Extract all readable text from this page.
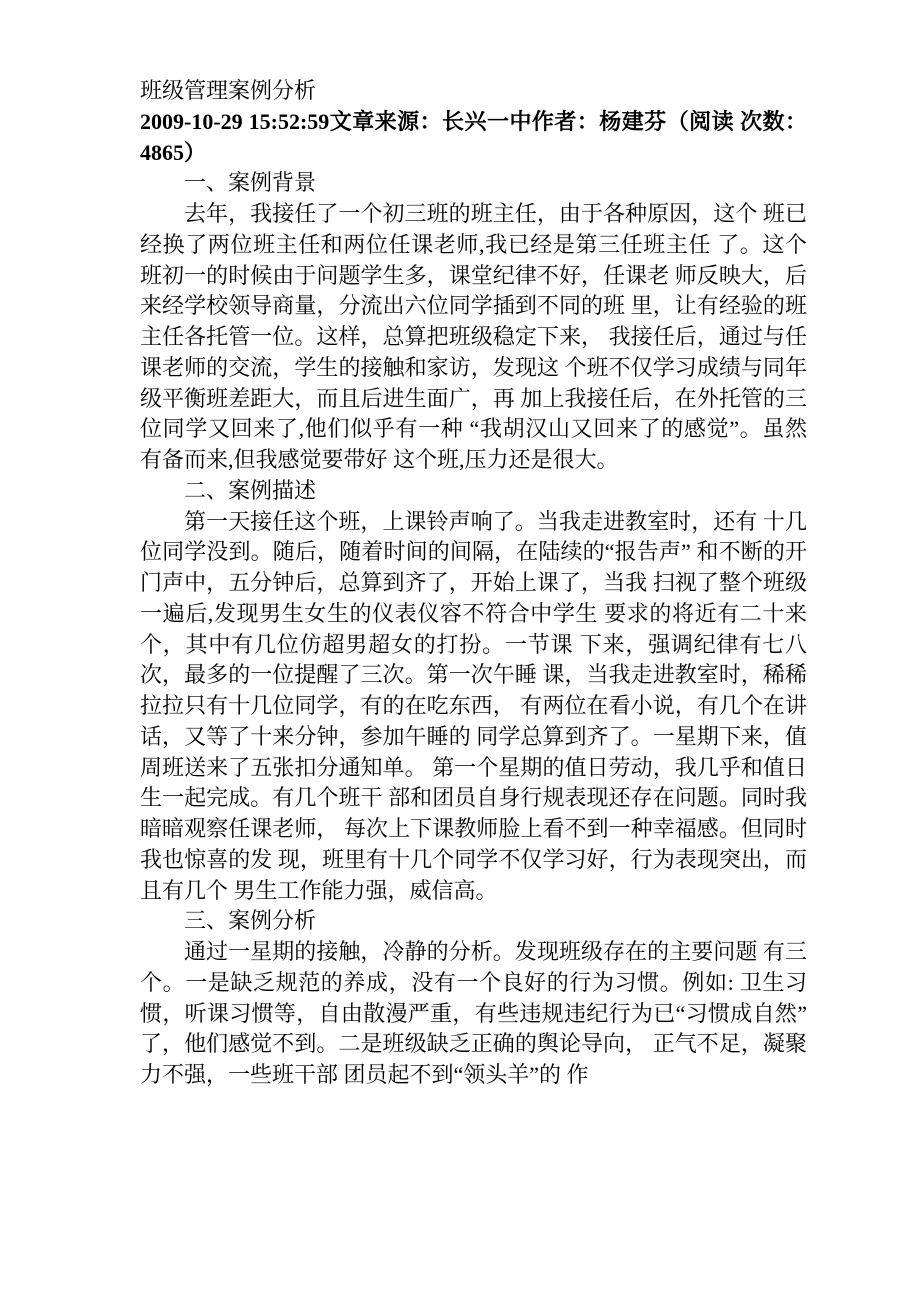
班级管理案例分析

2009-10-29 15:52:59文章来源：长兴一中作者：杨建芬（阅读 次数：4865）

一、案例背景

去年，我接任了一个初三班的班主任，由于各种原因，这个 班已经换了两位班主任和两位任课老师,我已经是第三任班主任 了。这个班初一的时候由于问题学生多，课堂纪律不好，任课老 师反映大，后来经学校领导商量，分流出六位同学插到不同的班 里，让有经验的班主任各托管一位。这样，总算把班级稳定下来， 我接任后，通过与任课老师的交流，学生的接触和家访，发现这 个班不仅学习成绩与同年级平衡班差距大，而且后进生面广，再 加上我接任后，在外托管的三位同学又回来了,他们似乎有一种 “我胡汉山又回来了的感觉”。虽然有备而来,但我感觉要带好 这个班,压力还是很大。

二、案例描述

第一天接任这个班，上课铃声响了。当我走进教室时，还有 十几位同学没到。随后，随着时间的间隔，在陆续的“报告声” 和不断的开门声中，五分钟后，总算到齐了，开始上课了，当我 扫视了整个班级一遍后,发现男生女生的仪表仪容不符合中学生 要求的将近有二十来个，其中有几位仿超男超女的打扮。一节课 下来，强调纪律有七八次，最多的一位提醒了三次。第一次午睡 课，当我走进教室时，稀稀拉拉只有十几位同学，有的在吃东西， 有两位在看小说，有几个在讲话，又等了十来分钟，参加午睡的 同学总算到齐了。一星期下来，值周班送来了五张扣分通知单。 第一个星期的值日劳动，我几乎和值日生一起完成。有几个班干 部和团员自身行规表现还存在问题。同时我暗暗观察任课老师， 每次上下课教师脸上看不到一种幸福感。但同时我也惊喜的发 现，班里有十几个同学不仅学习好，行为表现突出，而且有几个 男生工作能力强，威信高。

三、案例分析

通过一星期的接触，冷静的分析。发现班级存在的主要问题 有三个。一是缺乏规范的养成，没有一个良好的行为习惯。例如: 卫生习惯，听课习惯等，自由散漫严重，有些违规违纪行为已“习惯成自然”　了，他们感觉不到。二是班级缺乏正确的舆论导向， 正气不足，凝聚力不强，一些班干部 团员起不到“领头羊”的 作
